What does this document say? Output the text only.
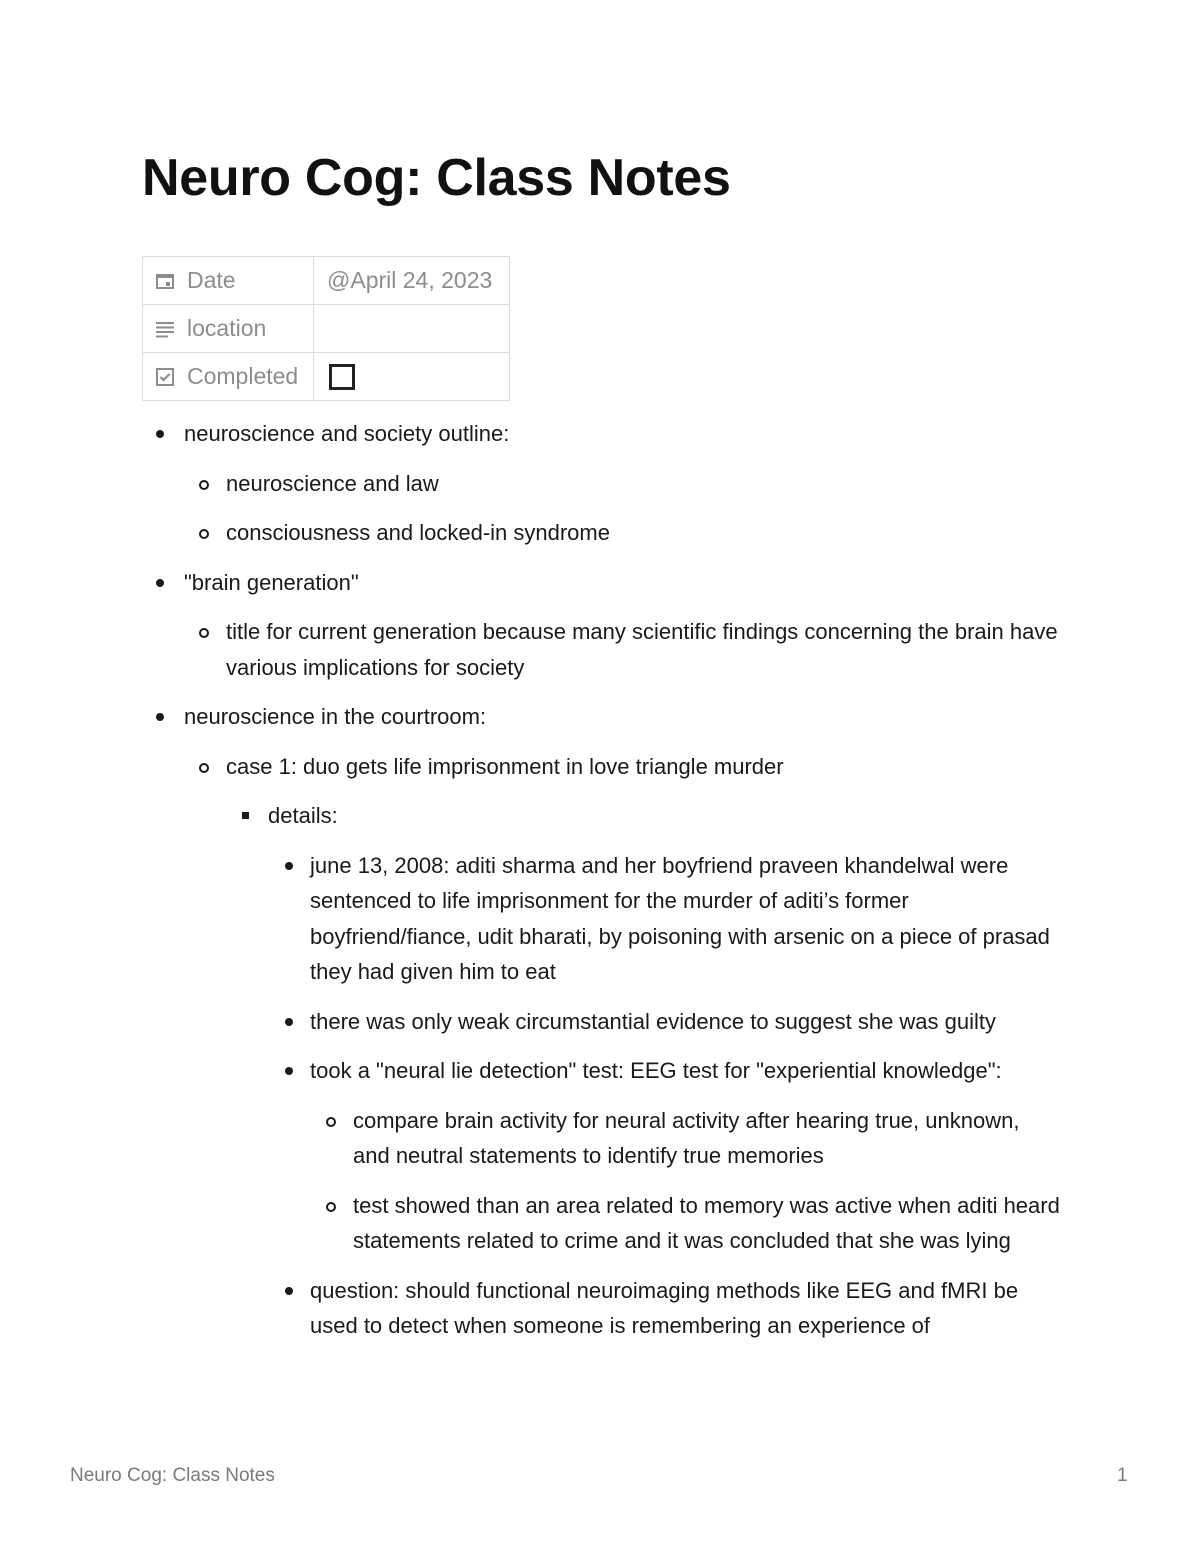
Neuro Cog: Class Notes
Date	@April 24, 2023

location	

Completed	

neuroscience and society outline:
neuroscience and law
consciousness and locked-in syndrome
"brain generation"
title for current generation because many scientific findings concerning the brain have various implications for society
neuroscience in the courtroom:
case 1: duo gets life imprisonment in love triangle murder
details:
june 13, 2008: aditi sharma and her boyfriend praveen khandelwal were sentenced to life imprisonment for the murder of aditi’s former boyfriend/fiance, udit bharati, by poisoning with arsenic on a piece of prasad they had given him to eat
there was only weak circumstantial evidence to suggest she was guilty
took a "neural lie detection" test: EEG test for "experiential knowledge":
compare brain activity for neural activity after hearing true, unknown, and neutral statements to identify true memories
test showed than an area related to memory was active when aditi heard statements related to crime and it was concluded that she was lying
question: should functional neuroimaging methods like EEG and fMRI be used to detect when someone is remembering an experience of
Neuro Cog: Class Notes	1
